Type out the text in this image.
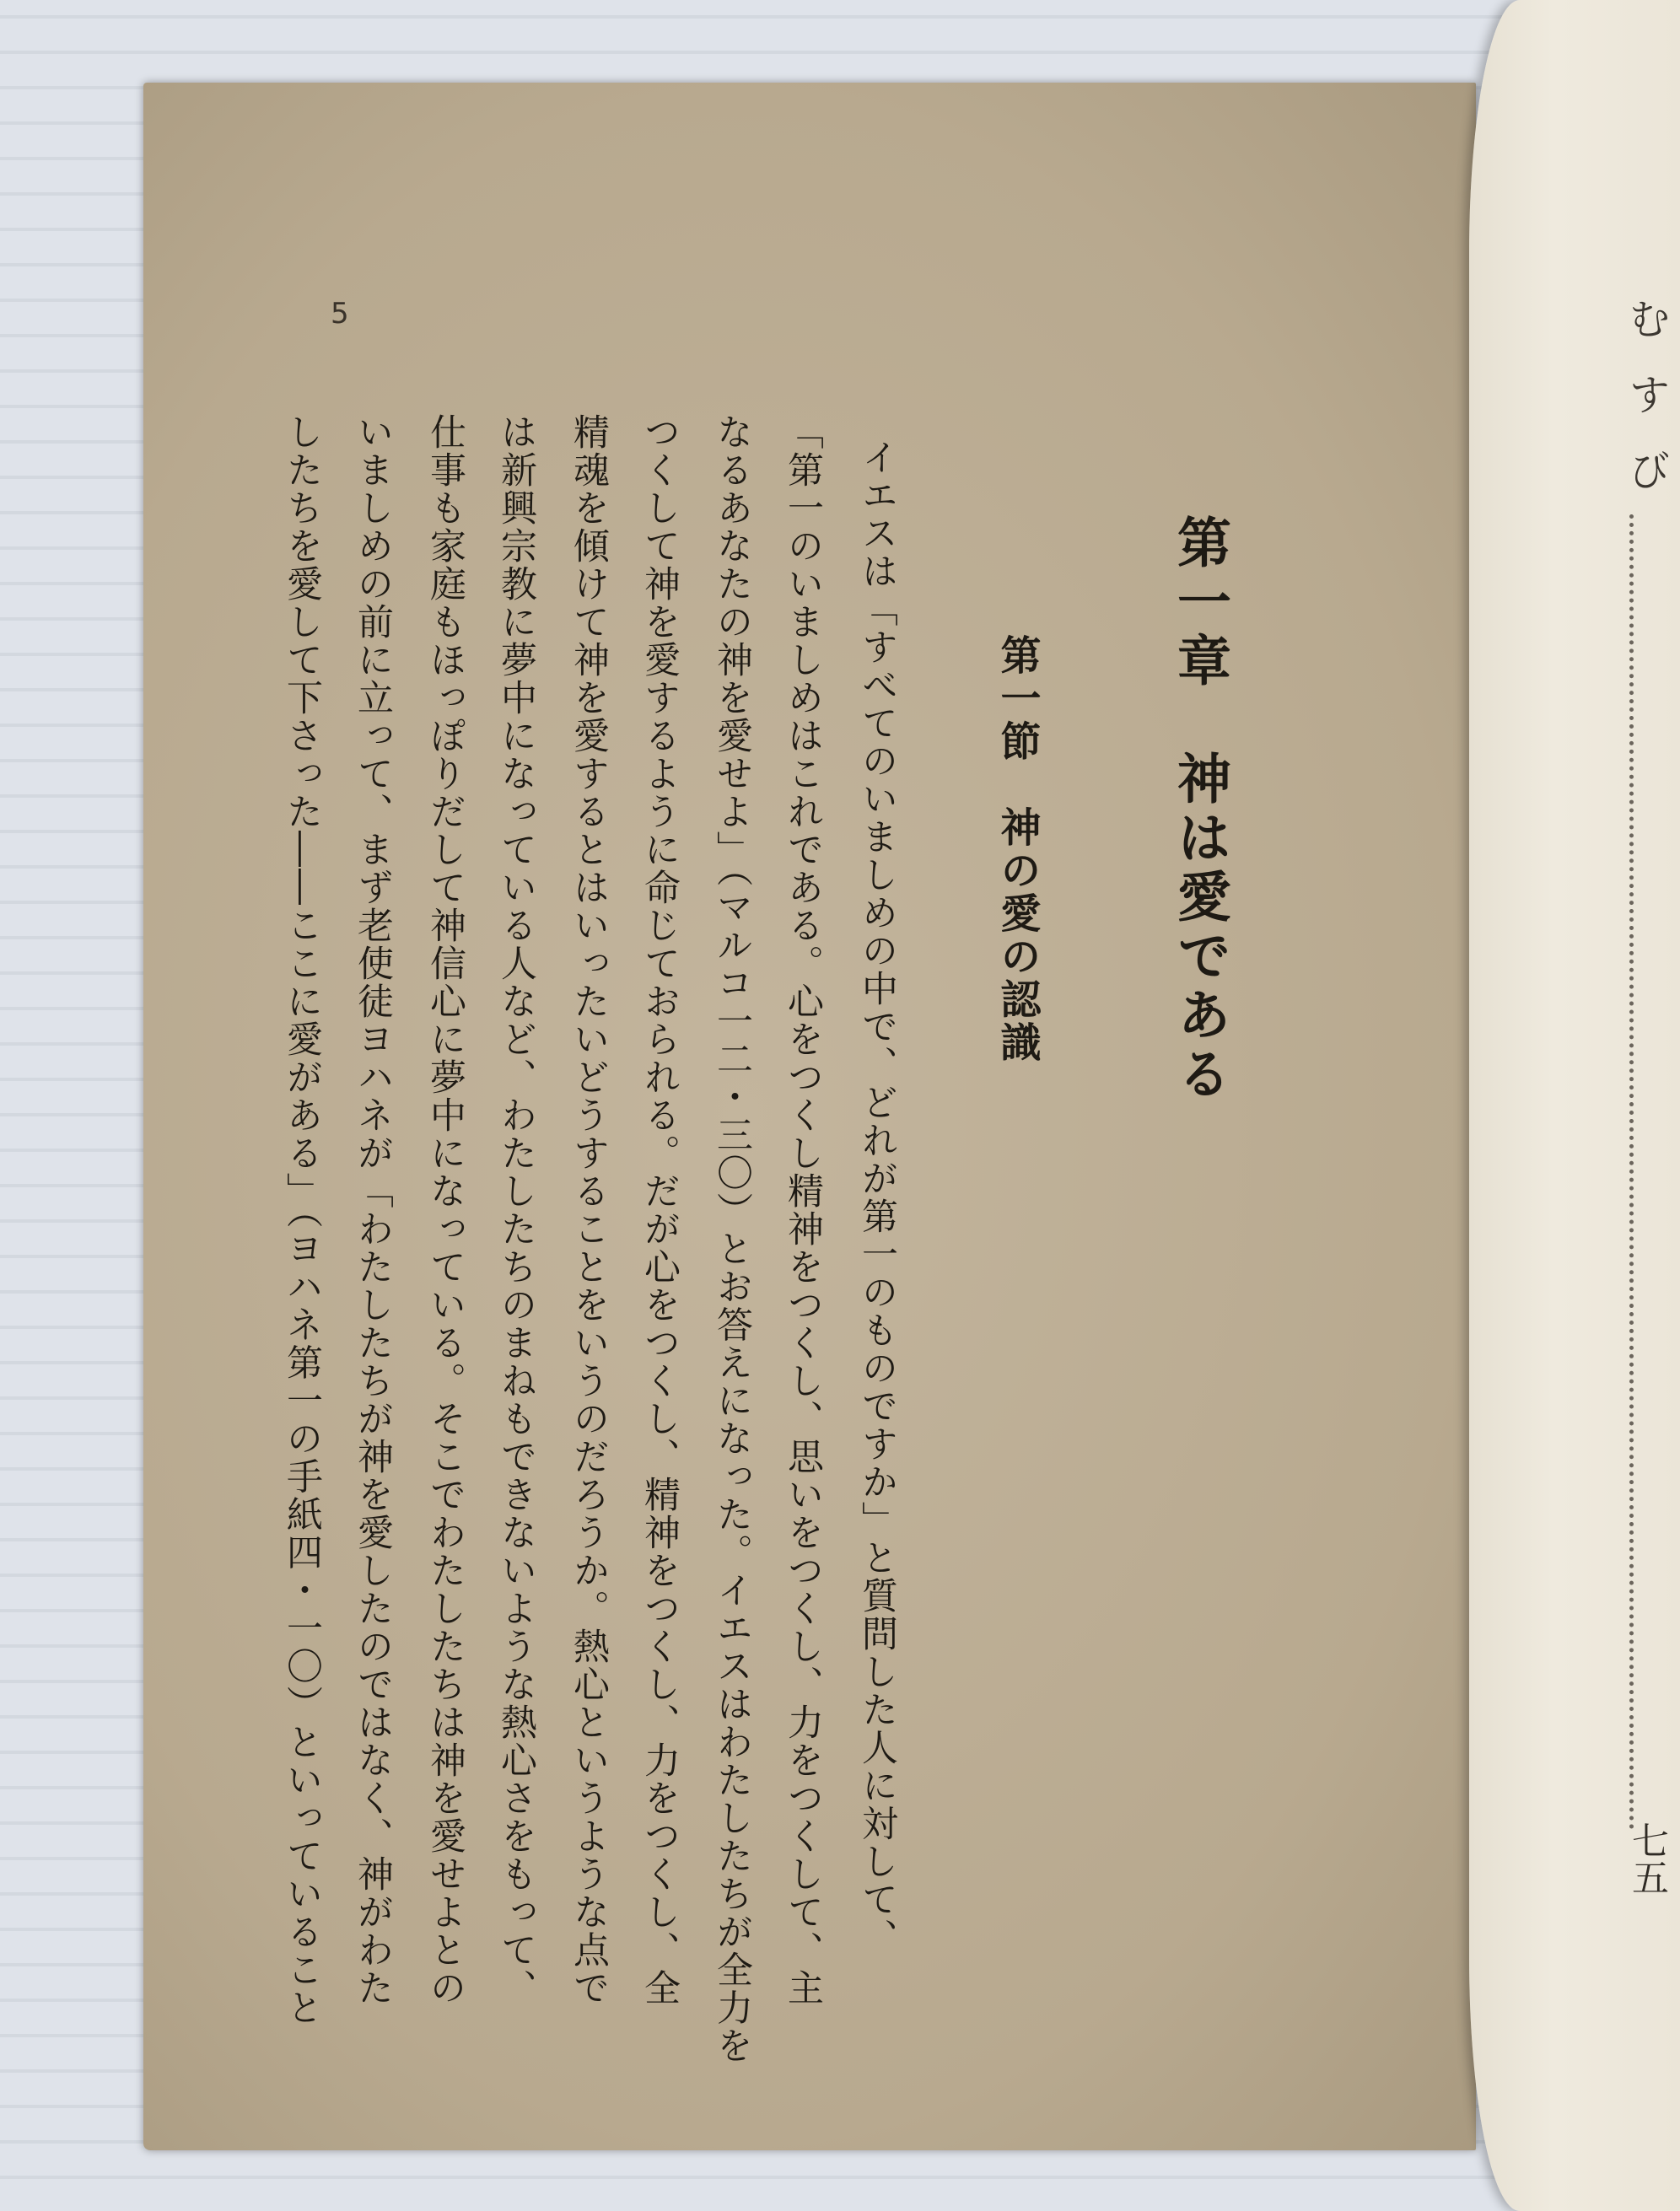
5
第一章　神は愛である
第一節　神の愛の認識
イエスは「すべてのいましめの中で、どれが第一のものですか」と質問した人に対して、
「第一のいましめはこれである。心をつくし精神をつくし、思いをつくし、力をつくして、主
なるあなたの神を愛せよ」（マルコ一二・三〇）とお答えになった。イエスはわたしたちが全力を
つくして神を愛するように命じておられる。だが心をつくし、精神をつくし、力をつくし、全
精魂を傾けて神を愛するとはいったいどうすることをいうのだろうか。熱心というような点で
は新興宗教に夢中になっている人など、わたしたちのまねもできないような熱心さをもって、
仕事も家庭もほっぽりだして神信心に夢中になっている。そこでわたしたちは神を愛せよとの
いましめの前に立って、まず老使徒ヨハネが「わたしたちが神を愛したのではなく、神がわた
したちを愛して下さった――ここに愛がある」（ヨハネ第一の手紙四・一〇）といっていること
むすび
七五
